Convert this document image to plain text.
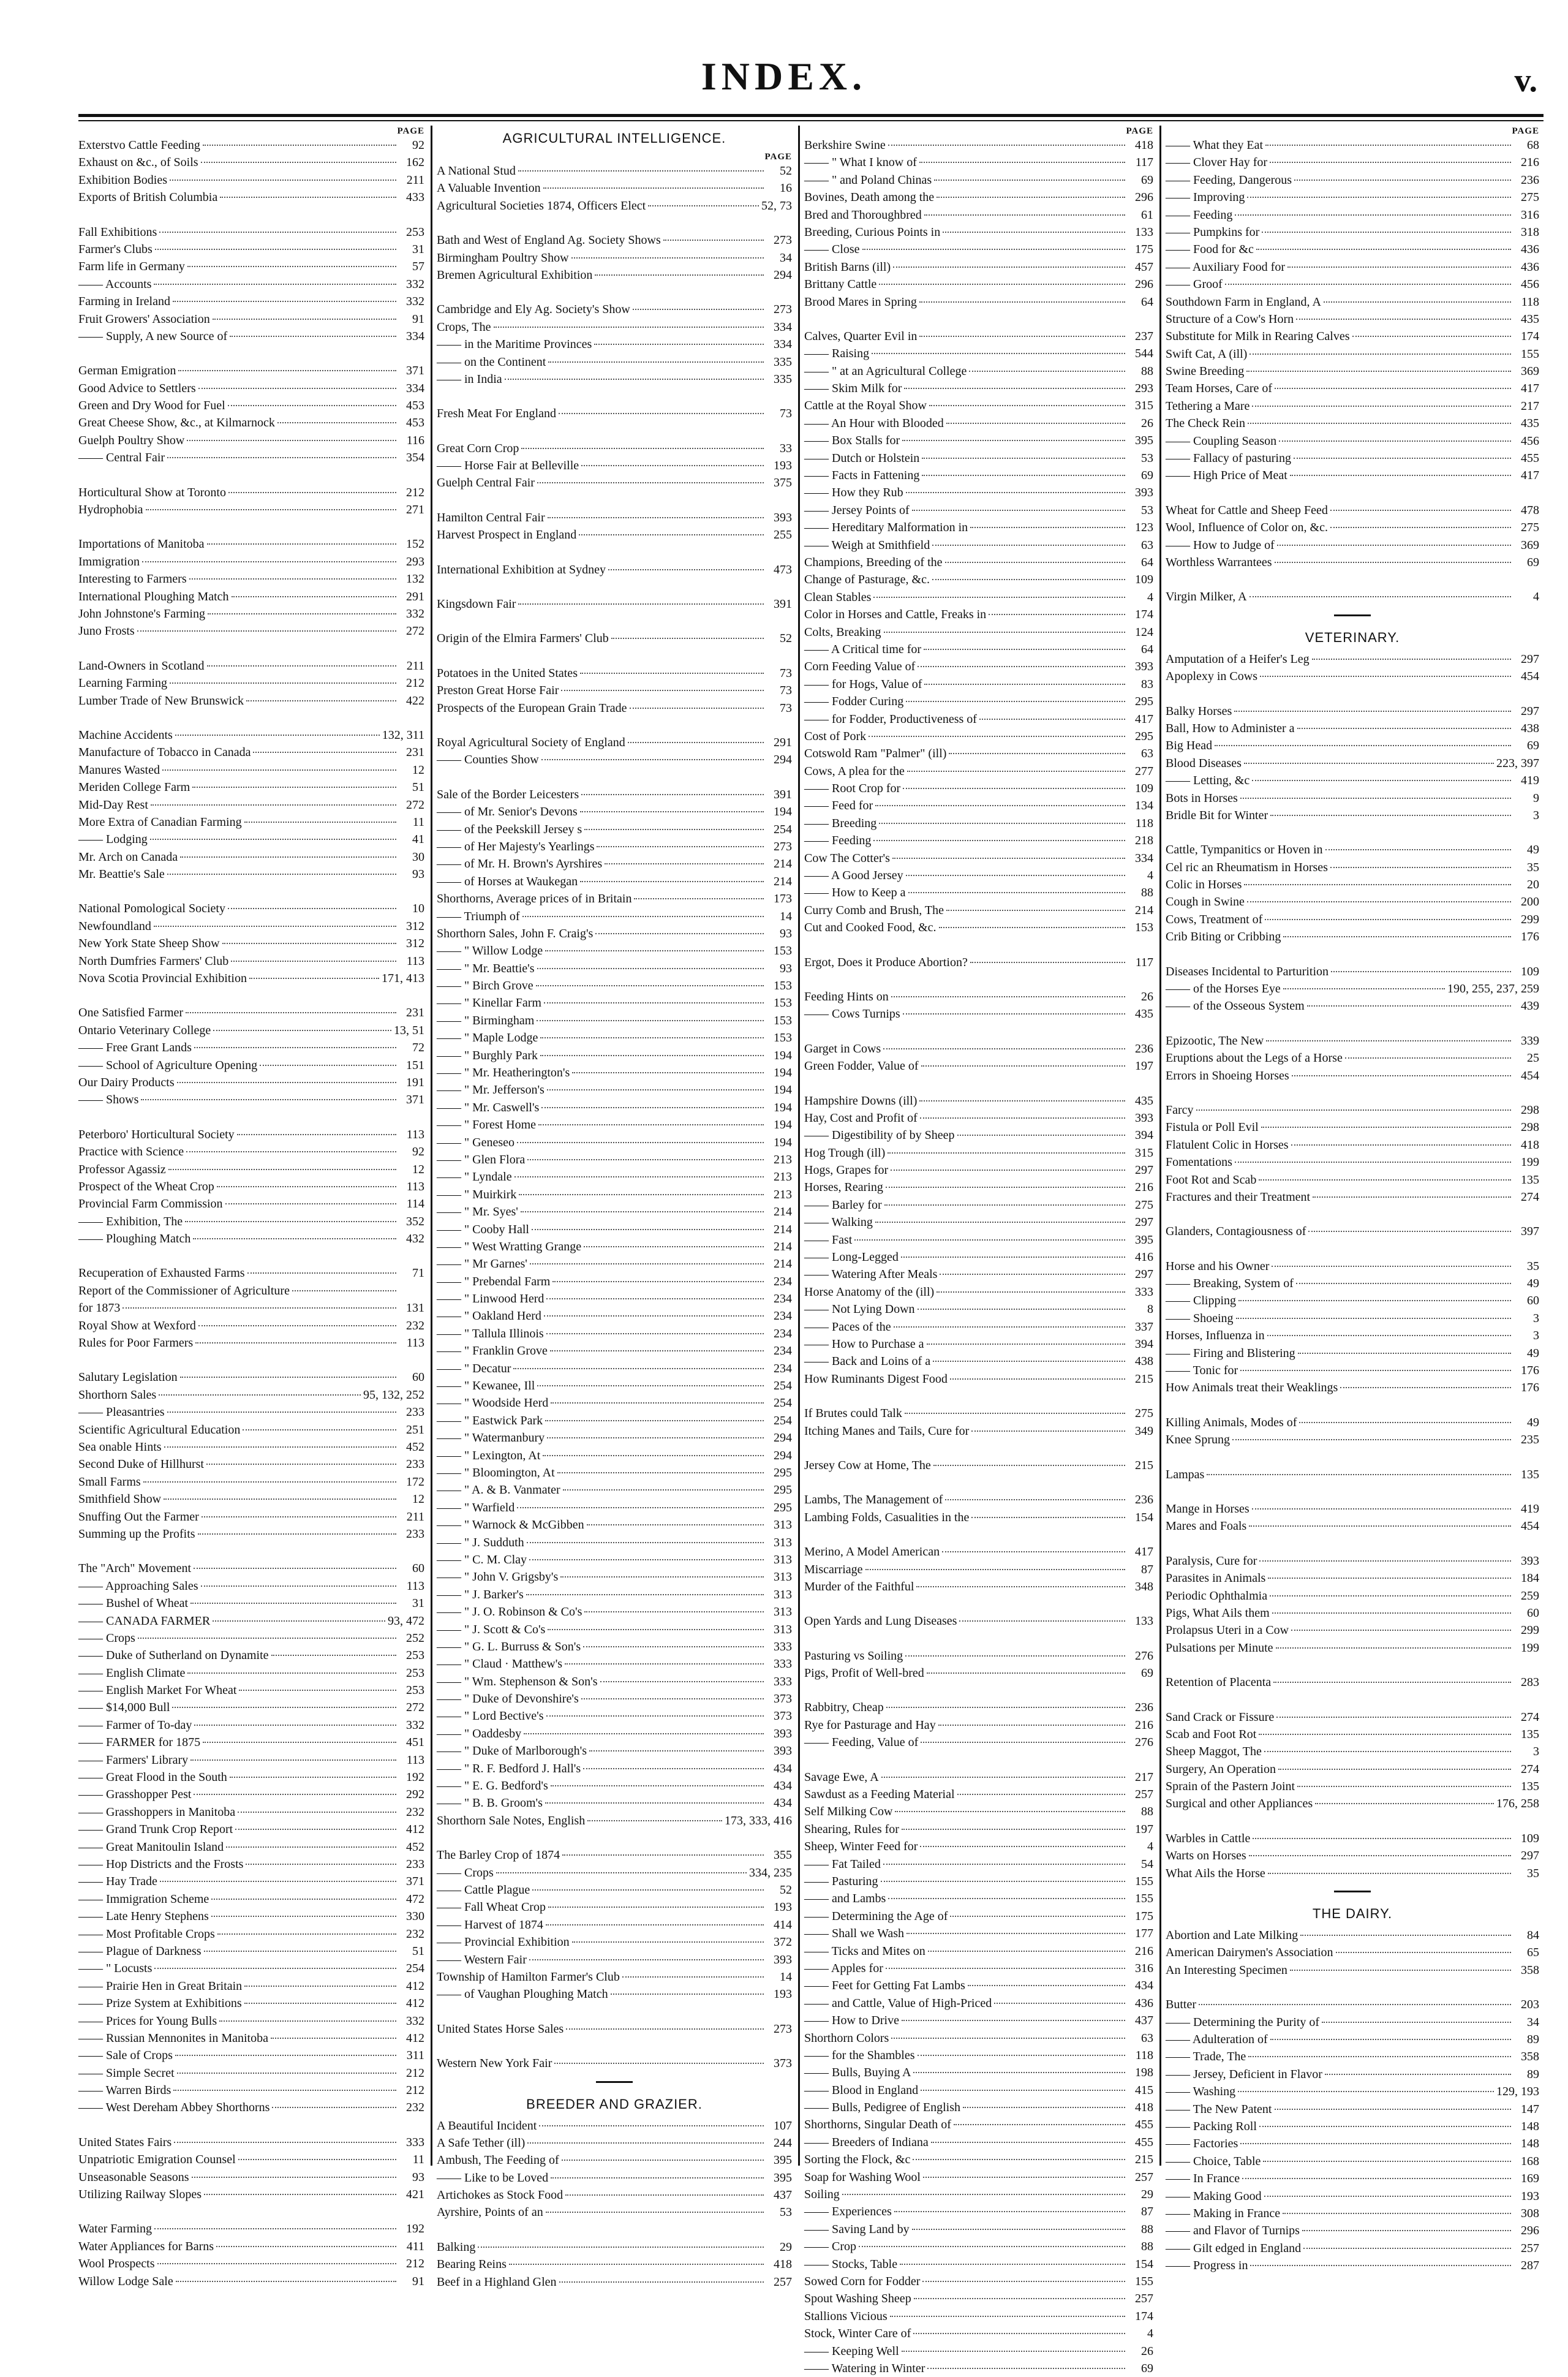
INDEX.	v.
PAGE
Exterstvo Cattle Feeding	92
Exhaust on &c., of Soils	162
Exhibition Bodies	211
Exports of British Columbia	433
Fall Exhibitions	253
Farmer's Clubs	31
Farm life in Germany	57
—— Accounts	332
Farming in Ireland	332
Fruit Growers' Association	91
—— Supply, A new Source of	334
German Emigration	371
Good Advice to Settlers	334
Green and Dry Wood for Fuel	453
Great Cheese Show, &c., at Kilmarnock	453
Guelph Poultry Show	116
—— Central Fair	354
Horticultural Show at Toronto	212
Hydrophobia	271
Importations of Manitoba	152
Immigration	293
Interesting to Farmers	132
International Ploughing Match	291
John Johnstone's Farming	332
Juno Frosts	272
Land-Owners in Scotland	211
Learning Farming	212
Lumber Trade of New Brunswick	422
Machine Accidents	132, 311
Manufacture of Tobacco in Canada	231
Manures Wasted	12
Meriden College Farm	51
Mid-Day Rest	272
More Extra of Canadian Farming	11
—— Lodging	41
Mr. Arch on Canada	30
Mr. Beattie's Sale	93
National Pomological Society	10
Newfoundland	312
New York State Sheep Show	312
North Dumfries Farmers' Club	113
Nova Scotia Provincial Exhibition	171, 413
One Satisfied Farmer	231
Ontario Veterinary College	13, 51
—— Free Grant Lands	72
—— School of Agriculture Opening	151
Our Dairy Products	191
—— Shows	371
Peterboro' Horticultural Society	113
Practice with Science	92
Professor Agassiz	12
Prospect of the Wheat Crop	113
Provincial Farm Commission	114
—— Exhibition, The	352
—— Ploughing Match	432
Recuperation of Exhausted Farms	71
Report of the Commissioner of Agriculture
for 1873	131
Royal Show at Wexford	232
Rules for Poor Farmers	113
Salutary Legislation	60
Shorthorn Sales	95, 132, 252
—— Pleasantries	233
Scientific Agricultural Education	251
Sea onable Hints	452
Second Duke of Hillhurst	233
Small Farms	172
Smithfield Show	12
Snuffing Out the Farmer	211
Summing up the Profits	233
The "Arch" Movement	60
—— Approaching Sales	113
—— Bushel of Wheat	31
—— CANADA FARMER	93, 472
—— Crops	252
—— Duke of Sutherland on Dynamite	253
—— English Climate	253
—— English Market For Wheat	253
—— $14,000 Bull	272
—— Farmer of To-day	332
—— FARMER for 1875	451
—— Farmers' Library	113
—— Great Flood in the South	192
—— Grasshopper Pest	292
—— Grasshoppers in Manitoba	232
—— Grand Trunk Crop Report	412
—— Great Manitoulin Island	452
—— Hop Districts and the Frosts	233
—— Hay Trade	371
—— Immigration Scheme	472
—— Late Henry Stephens	330
—— Most Profitable Crops	232
—— Plague of Darkness	51
—— " Locusts	254
—— Prairie Hen in Great Britain	412
—— Prize System at Exhibitions	412
—— Prices for Young Bulls	332
—— Russian Mennonites in Manitoba	412
—— Sale of Crops	311
—— Simple Secret	212
—— Warren Birds	212
—— West Dereham Abbey Shorthorns	232
United States Fairs	333
Unpatriotic Emigration Counsel	11
Unseasonable Seasons	93
Utilizing Railway Slopes	421
Water Farming	192
Water Appliances for Barns	411
Wool Prospects	212
Willow Lodge Sale	91
AGRICULTURAL INTELLIGENCE.
PAGE
A National Stud	52
A Valuable Invention	16
Agricultural Societies 1874, Officers Elect	52, 73
Bath and West of England Ag. Society Shows	273
Birmingham Poultry Show	34
Bremen Agricultural Exhibition	294
Cambridge and Ely Ag. Society's Show	273
Crops, The	334
—— in the Maritime Provinces	334
—— on the Continent	335
—— in India	335
Fresh Meat For England	73
Great Corn Crop	33
—— Horse Fair at Belleville	193
Guelph Central Fair	375
Hamilton Central Fair	393
Harvest Prospect in England	255
International Exhibition at Sydney	473
Kingsdown Fair	391
Origin of the Elmira Farmers' Club	52
Potatoes in the United States	73
Preston Great Horse Fair	73
Prospects of the European Grain Trade	73
Royal Agricultural Society of England	291
—— Counties Show	294
Sale of the Border Leicesters	391
—— of Mr. Senior's Devons	194
—— of the Peekskill Jersey s	254
—— of Her Majesty's Yearlings	273
—— of Mr. H. Brown's Ayrshires	214
—— of Horses at Waukegan	214
Shorthorns, Average prices of in Britain	173
—— Triumph of	14
Shorthorn Sales, John F. Craig's	93
—— " Willow Lodge	153
—— " Mr. Beattie's	93
—— " Birch Grove	153
—— " Kinellar Farm	153
—— " Birmingham	153
—— " Maple Lodge	153
—— " Burghly Park	194
—— " Mr. Heatherington's	194
—— " Mr. Jefferson's	194
—— " Mr. Caswell's	194
—— " Forest Home	194
—— " Geneseo	194
—— " Glen Flora	213
—— " Lyndale	213
—— " Muirkirk	213
—— " Mr. Syes'	214
—— " Cooby Hall	214
—— " West Wratting Grange	214
—— " Mr Garnes'	214
—— " Prebendal Farm	234
—— " Linwood Herd	234
—— " Oakland Herd	234
—— " Tallula Illinois	234
—— " Franklin Grove	234
—— " Decatur	234
—— " Kewanee, Ill	254
—— " Woodside Herd	254
—— " Eastwick Park	254
—— " Watermanbury	294
—— " Lexington, At	294
—— " Bloomington, At	295
—— " A. & B. Vanmater	295
—— " Warfield	295
—— " Warnock & McGibben	313
—— " J. Sudduth	313
—— " C. M. Clay	313
—— " John V. Grigsby's	313
—— " J. Barker's	313
—— " J. O. Robinson & Co's	313
—— " J. Scott & Co's	313
—— " G. L. Burruss & Son's	333
—— " Claud · Matthew's	333
—— " Wm. Stephenson & Son's	333
—— " Duke of Devonshire's	373
—— " Lord Bective's	373
—— " Oaddesby	393
—— " Duke of Marlborough's	393
—— " R. F. Bedford J. Hall's	434
—— " E. G. Bedford's	434
—— " B. B. Groom's	434
Shorthorn Sale Notes, English	173, 333, 416
The Barley Crop of 1874	355
—— Crops	334, 235
—— Cattle Plague	52
—— Fall Wheat Crop	193
—— Harvest of 1874	414
—— Provincial Exhibition	372
—— Western Fair	393
Township of Hamilton Farmer's Club	14
—— of Vaughan Ploughing Match	193
United States Horse Sales	273
Western New York Fair	373
BREEDER AND GRAZIER.
A Beautiful Incident	107
A Safe Tether (ill)	244
Ambush, The Feeding of	395
—— Like to be Loved	395
Artichokes as Stock Food	437
Ayrshire, Points of an	53
Balking	29
Bearing Reins	418
Beef in a Highland Glen	257
PAGE
Berkshire Swine	418
—— " What I know of	117
—— " and Poland Chinas	69
Bovines, Death among the	296
Bred and Thoroughbred	61
Breeding, Curious Points in	133
—— Close	175
British Barns (ill)	457
Brittany Cattle	296
Brood Mares in Spring	64
Calves, Quarter Evil in	237
—— Raising	544
—— " at an Agricultural College	88
—— Skim Milk for	293
Cattle at the Royal Show	315
—— An Hour with Blooded	26
—— Box Stalls for	395
—— Dutch or Holstein	53
—— Facts in Fattening	69
—— How they Rub	393
—— Jersey Points of	53
—— Hereditary Malformation in	123
—— Weigh at Smithfield	63
Champions, Breeding of the	64
Change of Pasturage, &c.	109
Clean Stables	4
Color in Horses and Cattle, Freaks in	174
Colts, Breaking	124
—— A Critical time for	64
Corn Feeding Value of	393
—— for Hogs, Value of	83
—— Fodder Curing	295
—— for Fodder, Productiveness of	417
Cost of Pork	295
Cotswold Ram "Palmer" (ill)	63
Cows, A plea for the	277
—— Root Crop for	109
—— Feed for	134
—— Breeding	118
—— Feeding	218
Cow The Cotter's	334
—— A Good Jersey	4
—— How to Keep a	88
Curry Comb and Brush, The	214
Cut and Cooked Food, &c.	153
Ergot, Does it Produce Abortion?	117
Feeding Hints on	26
—— Cows Turnips	435
Garget in Cows	236
Green Fodder, Value of	197
Hampshire Downs (ill)	435
Hay, Cost and Profit of	393
—— Digestibility of by Sheep	394
Hog Trough (ill)	315
Hogs, Grapes for	297
Horses, Rearing	216
—— Barley for	275
—— Walking	297
—— Fast	395
—— Long-Legged	416
—— Watering After Meals	297
Horse Anatomy of the (ill)	333
—— Not Lying Down	8
—— Paces of the	337
—— How to Purchase a	394
—— Back and Loins of a	438
How Ruminants Digest Food	215
If Brutes could Talk	275
Itching Manes and Tails, Cure for	349
Jersey Cow at Home, The	215
Lambs, The Management of	236
Lambing Folds, Casualities in the	154
Merino, A Model American	417
Miscarriage	87
Murder of the Faithful	348
Open Yards and Lung Diseases	133
Pasturing vs Soiling	276
Pigs, Profit of Well-bred	69
Rabbitry, Cheap	236
Rye for Pasturage and Hay	216
—— Feeding, Value of	276
Savage Ewe, A	217
Sawdust as a Feeding Material	257
Self Milking Cow	88
Shearing, Rules for	197
Sheep, Winter Feed for	4
—— Fat Tailed	54
—— Pasturing	155
—— and Lambs	155
—— Determining the Age of	175
—— Shall we Wash	177
—— Ticks and Mites on	216
—— Apples for	316
—— Feet for Getting Fat Lambs	434
—— and Cattle, Value of High-Priced	436
—— How to Drive	437
Shorthorn Colors	63
—— for the Shambles	118
—— Bulls, Buying A	198
—— Blood in England	415
—— Bulls, Pedigree of English	418
Shorthorns, Singular Death of	455
—— Breeders of Indiana	455
Sorting the Flock, &c	215
Soap for Washing Wool	257
Soiling	29
—— Experiences	87
—— Saving Land by	88
—— Crop	88
—— Stocks, Table	154
Sowed Corn for Fodder	155
Spout Washing Sheep	257
Stallions Vicious	174
Stock, Winter Care of	4
—— Keeping Well	26
—— Watering in Winter	69
PAGE
—— What they Eat	68
—— Clover Hay for	216
—— Feeding, Dangerous	236
—— Improving	275
—— Feeding	316
—— Pumpkins for	318
—— Food for &c	436
—— Auxiliary Food for	436
—— Groof	456
Southdown Farm in England, A	118
Structure of a Cow's Horn	435
Substitute for Milk in Rearing Calves	174
Swift Cat, A (ill)	155
Swine Breeding	369
Team Horses, Care of	417
Tethering a Mare	217
The Check Rein	435
—— Coupling Season	456
—— Fallacy of pasturing	455
—— High Price of Meat	417
Wheat for Cattle and Sheep Feed	478
Wool, Influence of Color on, &c.	275
—— How to Judge of	369
Worthless Warrantees	69
Virgin Milker, A	4
VETERINARY.
Amputation of a Heifer's Leg	297
Apoplexy in Cows	454
Balky Horses	297
Ball, How to Administer a	438
Big Head	69
Blood Diseases	223, 397
—— Letting, &c	419
Bots in Horses	9
Bridle Bit for Winter	3
Cattle, Tympanitics or Hoven in	49
Cel ric an Rheumatism in Horses	35
Colic in Horses	20
Cough in Swine	200
Cows, Treatment of	299
Crib Biting or Cribbing	176
Diseases Incidental to Parturition	109
—— of the Horses Eye	190, 255, 237, 259
—— of the Osseous System	439
Epizootic, The New	339
Eruptions about the Legs of a Horse	25
Errors in Shoeing Horses	454
Farcy	298
Fistula or Poll Evil	298
Flatulent Colic in Horses	418
Fomentations	199
Foot Rot and Scab	135
Fractures and their Treatment	274
Glanders, Contagiousness of	397
Horse and his Owner	35
—— Breaking, System of	49
—— Clipping	60
—— Shoeing	3
Horses, Influenza in	3
—— Firing and Blistering	49
—— Tonic for	176
How Animals treat their Weaklings	176
Killing Animals, Modes of	49
Knee Sprung	235
Lampas	135
Mange in Horses	419
Mares and Foals	454
Paralysis, Cure for	393
Parasites in Animals	184
Periodic Ophthalmia	259
Pigs, What Ails them	60
Prolapsus Uteri in a Cow	299
Pulsations per Minute	199
Retention of Placenta	283
Sand Crack or Fissure	274
Scab and Foot Rot	135
Sheep Maggot, The	3
Surgery, An Operation	274
Sprain of the Pastern Joint	135
Surgical and other Appliances	176, 258
Warbles in Cattle	109
Warts on Horses	297
What Ails the Horse	35
THE DAIRY.
Abortion and Late Milking	84
American Dairymen's Association	65
An Interesting Specimen	358
Butter	203
—— Determining the Purity of	34
—— Adulteration of	89
—— Trade, The	358
—— Jersey, Deficient in Flavor	89
—— Washing	129, 193
—— The New Patent	147
—— Packing Roll	148
—— Factories	148
—— Choice, Table	168
—— In France	169
—— Making Good	193
—— Making in France	308
—— and Flavor of Turnips	296
—— Gilt edged in England	257
—— Progress in	287
